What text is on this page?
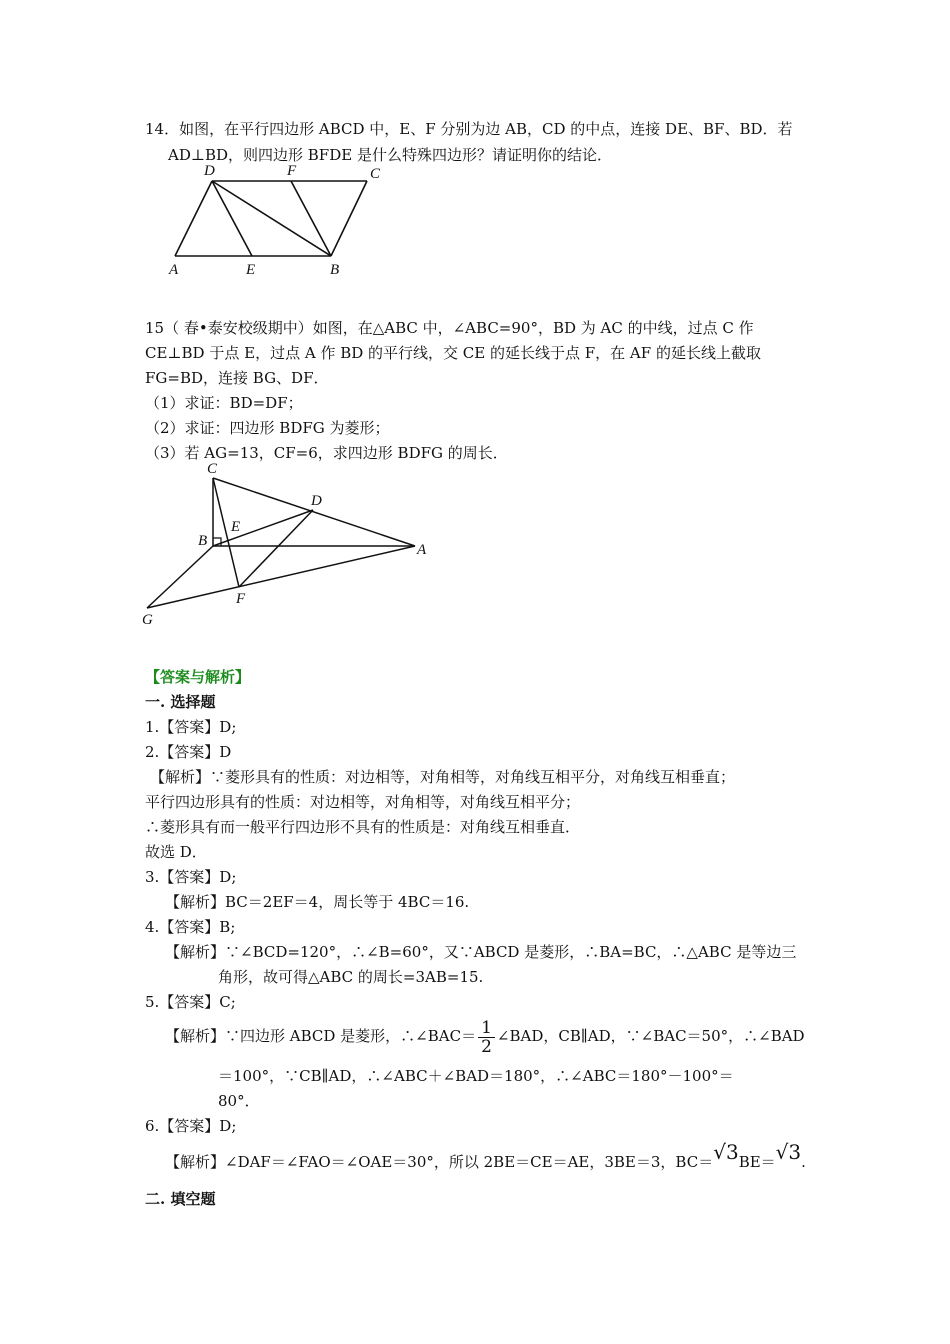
14．如图，在平行四边形 ABCD 中，E、F 分别为边 AB，CD 的中点，连接 DE、BF、BD．若
AD⊥BD，则四边形 BFDE 是什么特殊四边形？请证明你的结论．
D	F	C
A	E	B
15（ 春•泰安校级期中）如图，在△ABC 中，∠ABC=90°，BD 为 AC 的中线，过点 C 作
CE⊥BD 于点 E，过点 A 作 BD 的平行线，交 CE 的延长线于点 F，在 AF 的延长线上截取
FG=BD，连接 BG、DF．
（1）求证：BD=DF；
（2）求证：四边形 BDFG 为菱形；
（3）若 AG=13，CF=6，求四边形 BDFG 的周长．
C
D
E
B
A
F
G
【答案与解析】
一. 选择题
1.【答案】D;
2.【答案】D
【解析】∵菱形具有的性质：对边相等，对角相等，对角线互相平分，对角线互相垂直；
平行四边形具有的性质：对边相等，对角相等，对角线互相平分；
∴菱形具有而一般平行四边形不具有的性质是：对角线互相垂直．
故选 D．
3.【答案】D;
【解析】BC＝2EF＝4，周长等于 4BC＝16.
4.【答案】B;
【解析】∵∠BCD=120°，∴∠B=60°，又∵ABCD 是菱形，∴BA=BC，∴△ABC 是等边三
角形，故可得△ABC 的周长=3AB=15.
5.【答案】C;
【解析】∵四边形 ABCD 是菱形，∴∠BAC＝ $\frac{1}{2}$ ∠BAD，CB∥AD，∵∠BAC＝50°，∴∠BAD
＝100°，∵CB∥AD，∴∠ABC＋∠BAD＝180°，∴∠ABC＝180°－100°＝
80°．
6.【答案】D;
【解析】∠DAF＝∠FAO＝∠OAE＝30°，所以 2BE＝CE＝AE，3BE＝3，BC＝√3BE＝√3.
二. 填空题
